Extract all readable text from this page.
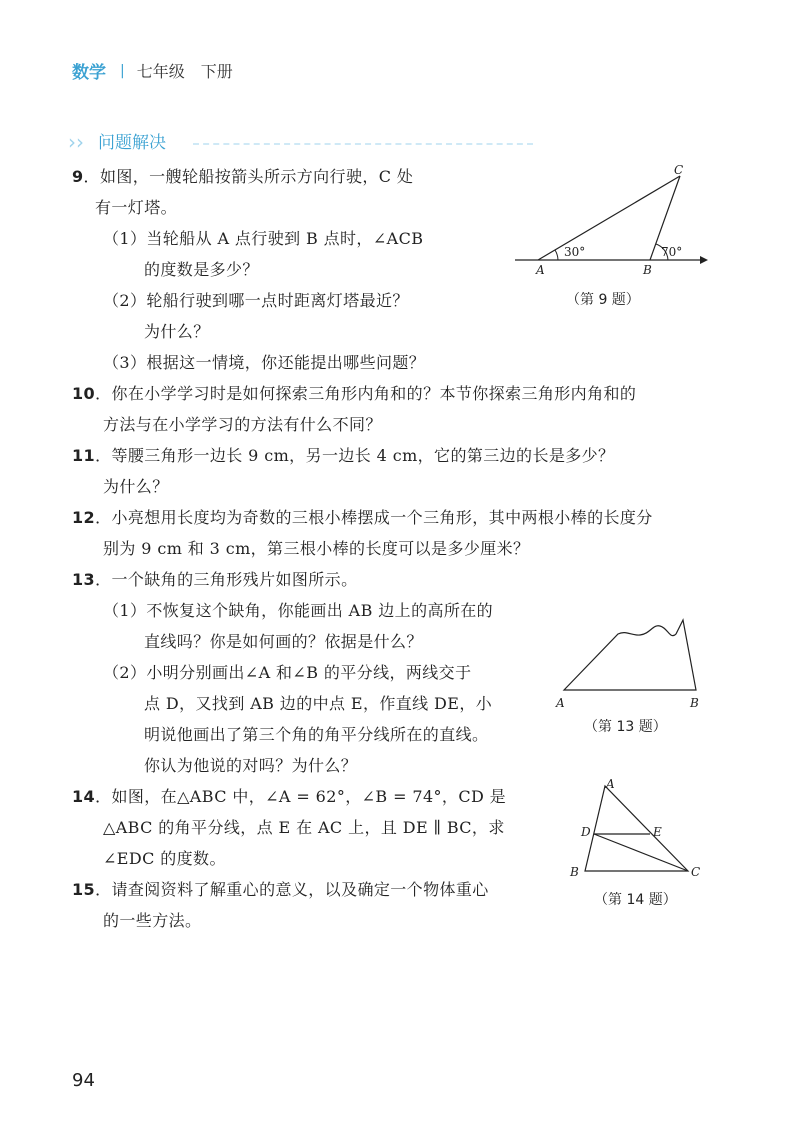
数学 | 七年级 下册
›› 问题解决
9．如图，一艘轮船按箭头所示方向行驶，C 处
有一灯塔。
（1）当轮船从 A 点行驶到 B 点时，∠ACB
的度数是多少？
（2）轮船行驶到哪一点时距离灯塔最近？
为什么？
（3）根据这一情境，你还能提出哪些问题？
C
A	B
30°	70°
（第 9 题）
10．你在小学学习时是如何探索三角形内角和的？本节你探索三角形内角和的
方法与在小学学习的方法有什么不同？
11．等腰三角形一边长 9 cm，另一边长 4 cm，它的第三边的长是多少？
为什么？
12．小亮想用长度均为奇数的三根小棒摆成一个三角形，其中两根小棒的长度分
别为 9 cm 和 3 cm，第三根小棒的长度可以是多少厘米？
13．一个缺角的三角形残片如图所示。
（1）不恢复这个缺角，你能画出 AB 边上的高所在的
直线吗？你是如何画的？依据是什么？
（2）小明分别画出∠A 和∠B 的平分线，两线交于
点 D，又找到 AB 边的中点 E，作直线 DE，小
明说他画出了第三个角的角平分线所在的直线。
你认为他说的对吗？为什么？
A	B
（第 13 题）
14．如图，在△ABC 中，∠A = 62°，∠B = 74°，CD 是
△ABC 的角平分线，点 E 在 AC 上，且 DE ∥ BC，求
∠EDC 的度数。
A
B	C
D	E
（第 14 题）
15．请查阅资料了解重心的意义，以及确定一个物体重心
的一些方法。
94
